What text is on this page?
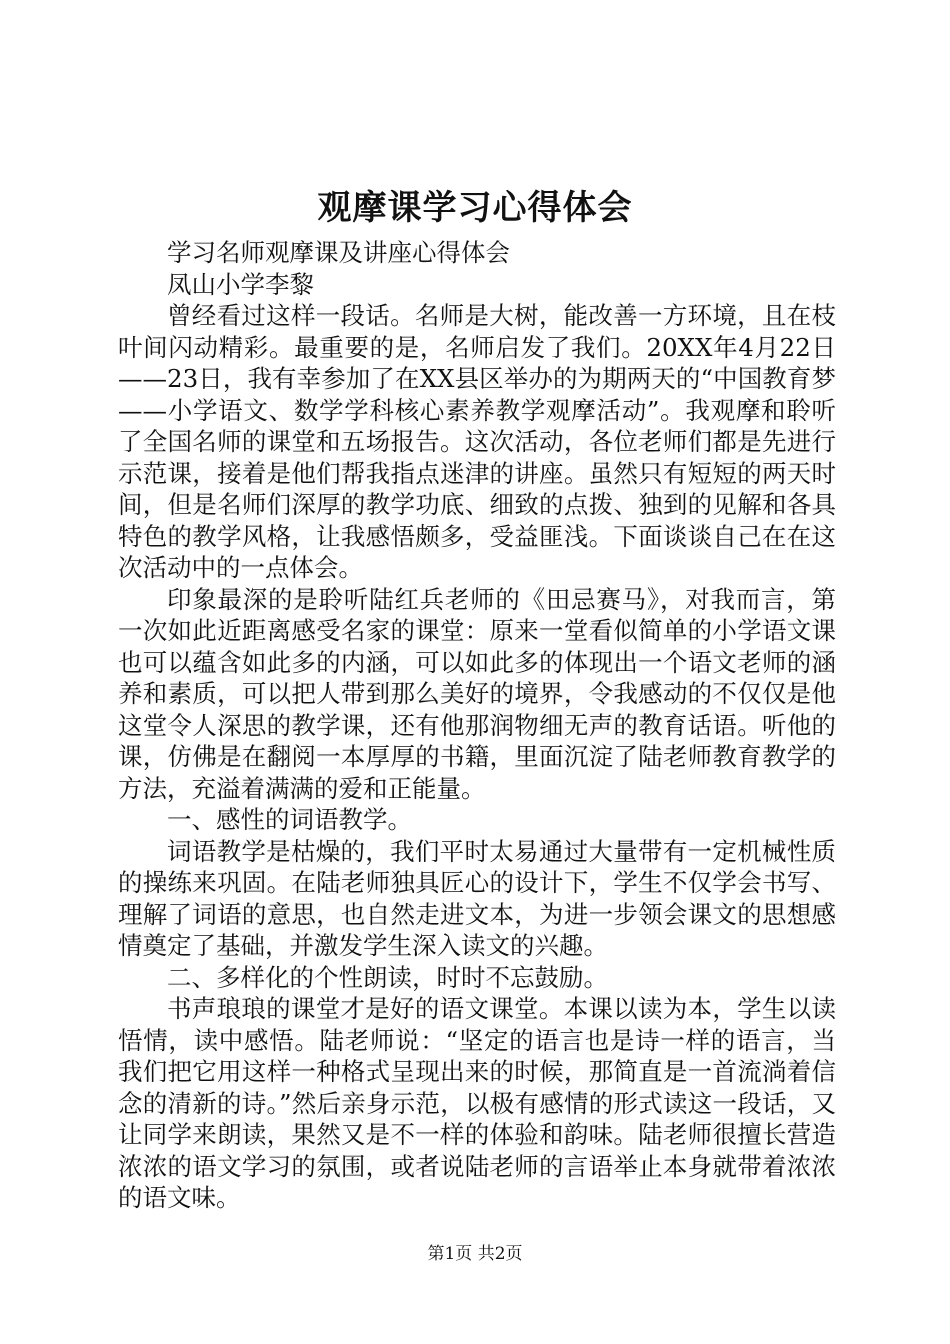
观摩课学习心得体会

学习名师观摩课及讲座心得体会

凤山小学李黎

曾经看过这样一段话。名师是大树，能改善一方环境，且在枝叶间闪动精彩。最重要的是，名师启发了我们。20XX年4月22日——23日，我有幸参加了在XX县区举办的为期两天的“中国教育梦——小学语文、数学学科核心素养教学观摩活动”。我观摩和聆听了全国名师的课堂和五场报告。这次活动，各位老师们都是先进行示范课，接着是他们帮我指点迷津的讲座。虽然只有短短的两天时间，但是名师们深厚的教学功底、细致的点拨、独到的见解和各具特色的教学风格，让我感悟颇多，受益匪浅。下面谈谈自己在在这次活动中的一点体会。

印象最深的是聆听陆红兵老师的《田忌赛马》，对我而言，第一次如此近距离感受名家的课堂：原来一堂看似简单的小学语文课也可以蕴含如此多的内涵，可以如此多的体现出一个语文老师的涵养和素质，可以把人带到那么美好的境界，令我感动的不仅仅是他这堂令人深思的教学课，还有他那润物细无声的教育话语。听他的课，仿佛是在翻阅一本厚厚的书籍，里面沉淀了陆老师教育教学的方法，充溢着满满的爱和正能量。

一、感性的词语教学。

词语教学是枯燥的，我们平时太易通过大量带有一定机械性质的操练来巩固。在陆老师独具匠心的设计下，学生不仅学会书写、理解了词语的意思，也自然走进文本，为进一步领会课文的思想感情奠定了基础，并激发学生深入读文的兴趣。

二、多样化的个性朗读，时时不忘鼓励。

书声琅琅的课堂才是好的语文课堂。本课以读为本，学生以读悟情，读中感悟。陆老师说：“坚定的语言也是诗一样的语言，当我们把它用这样一种格式呈现出来的时候，那简直是一首流淌着信念的清新的诗。”然后亲身示范，以极有感情的形式读这一段话，又让同学来朗读，果然又是不一样的体验和韵味。陆老师很擅长营造浓浓的语文学习的氛围，或者说陆老师的言语举止本身就带着浓浓的语文味。

第1页 共2页
